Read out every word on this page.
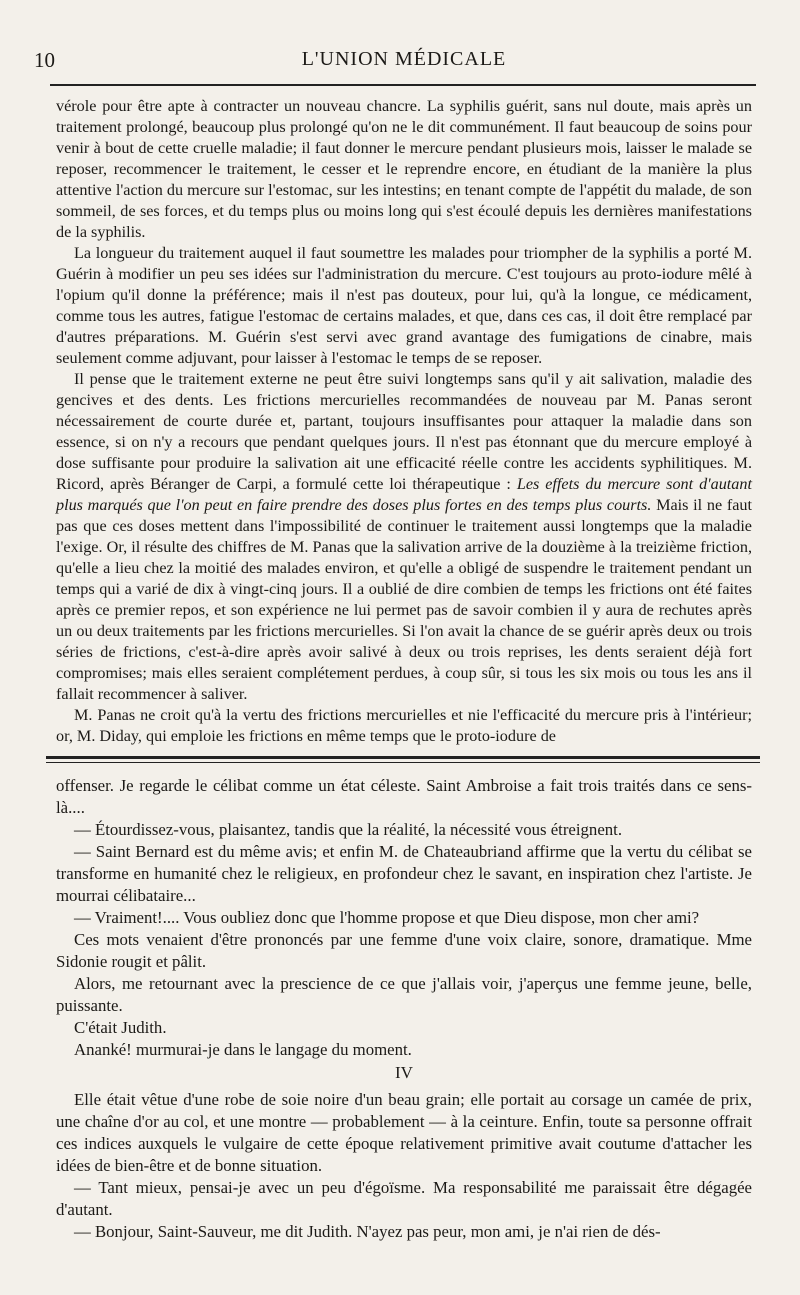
10	L'UNION MÉDICALE

vérole pour être apte à contracter un nouveau chancre. La syphilis guérit, sans nul doute, mais après un traitement prolongé, beaucoup plus prolongé qu'on ne le dit communément. Il faut beaucoup de soins pour venir à bout de cette cruelle maladie; il faut donner le mercure pendant plusieurs mois, laisser le malade se reposer, recommencer le traitement, le cesser et le reprendre encore, en étudiant de la manière la plus attentive l'action du mercure sur l'estomac, sur les intestins; en tenant compte de l'appétit du malade, de son sommeil, de ses forces, et du temps plus ou moins long qui s'est écoulé depuis les dernières manifestations de la syphilis.

La longueur du traitement auquel il faut soumettre les malades pour triompher de la syphilis a porté M. Guérin à modifier un peu ses idées sur l'administration du mercure. C'est toujours au proto-iodure mêlé à l'opium qu'il donne la préférence; mais il n'est pas douteux, pour lui, qu'à la longue, ce médicament, comme tous les autres, fatigue l'estomac de certains malades, et que, dans ces cas, il doit être remplacé par d'autres préparations. M. Guérin s'est servi avec grand avantage des fumigations de cinabre, mais seulement comme adjuvant, pour laisser à l'estomac le temps de se reposer.

Il pense que le traitement externe ne peut être suivi longtemps sans qu'il y ait salivation, maladie des gencives et des dents. Les frictions mercurielles recommandées de nouveau par M. Panas seront nécessairement de courte durée et, partant, toujours insuffisantes pour attaquer la maladie dans son essence, si on n'y a recours que pendant quelques jours. Il n'est pas étonnant que du mercure employé à dose suffisante pour produire la salivation ait une efficacité réelle contre les accidents syphilitiques. M. Ricord, après Béranger de Carpi, a formulé cette loi thérapeutique : Les effets du mercure sont d'autant plus marqués que l'on peut en faire prendre des doses plus fortes en des temps plus courts. Mais il ne faut pas que ces doses mettent dans l'impossibilité de continuer le traitement aussi longtemps que la maladie l'exige. Or, il résulte des chiffres de M. Panas que la salivation arrive de la douzième à la treizième friction, qu'elle a lieu chez la moitié des malades environ, et qu'elle a obligé de suspendre le traitement pendant un temps qui a varié de dix à vingt-cinq jours. Il a oublié de dire combien de temps les frictions ont été faites après ce premier repos, et son expérience ne lui permet pas de savoir combien il y aura de rechutes après un ou deux traitements par les frictions mercurielles. Si l'on avait la chance de se guérir après deux ou trois séries de frictions, c'est-à-dire après avoir salivé à deux ou trois reprises, les dents seraient déjà fort compromises; mais elles seraient complétement perdues, à coup sûr, si tous les six mois ou tous les ans il fallait recommencer à saliver.

M. Panas ne croit qu'à la vertu des frictions mercurielles et nie l'efficacité du mercure pris à l'intérieur; or, M. Diday, qui emploie les frictions en même temps que le proto-iodure de

offenser. Je regarde le célibat comme un état céleste. Saint Ambroise a fait trois traités dans ce sens-là....

— Étourdissez-vous, plaisantez, tandis que la réalité, la nécessité vous étreignent.

— Saint Bernard est du même avis; et enfin M. de Chateaubriand affirme que la vertu du célibat se transforme en humanité chez le religieux, en profondeur chez le savant, en inspiration chez l'artiste. Je mourrai célibataire...

— Vraiment!.... Vous oubliez donc que l'homme propose et que Dieu dispose, mon cher ami?

Ces mots venaient d'être prononcés par une femme d'une voix claire, sonore, dramatique. Mme Sidonie rougit et pâlit.

Alors, me retournant avec la prescience de ce que j'allais voir, j'aperçus une femme jeune, belle, puissante.

C'était Judith.

Ananké! murmurai-je dans le langage du moment.

IV

Elle était vêtue d'une robe de soie noire d'un beau grain; elle portait au corsage un camée de prix, une chaîne d'or au col, et une montre — probablement — à la ceinture. Enfin, toute sa personne offrait ces indices auxquels le vulgaire de cette époque relativement primitive avait coutume d'attacher les idées de bien-être et de bonne situation.

— Tant mieux, pensai-je avec un peu d'égoïsme. Ma responsabilité me paraissait être dégagée d'autant.

— Bonjour, Saint-Sauveur, me dit Judith. N'ayez pas peur, mon ami, je n'ai rien de dés-
